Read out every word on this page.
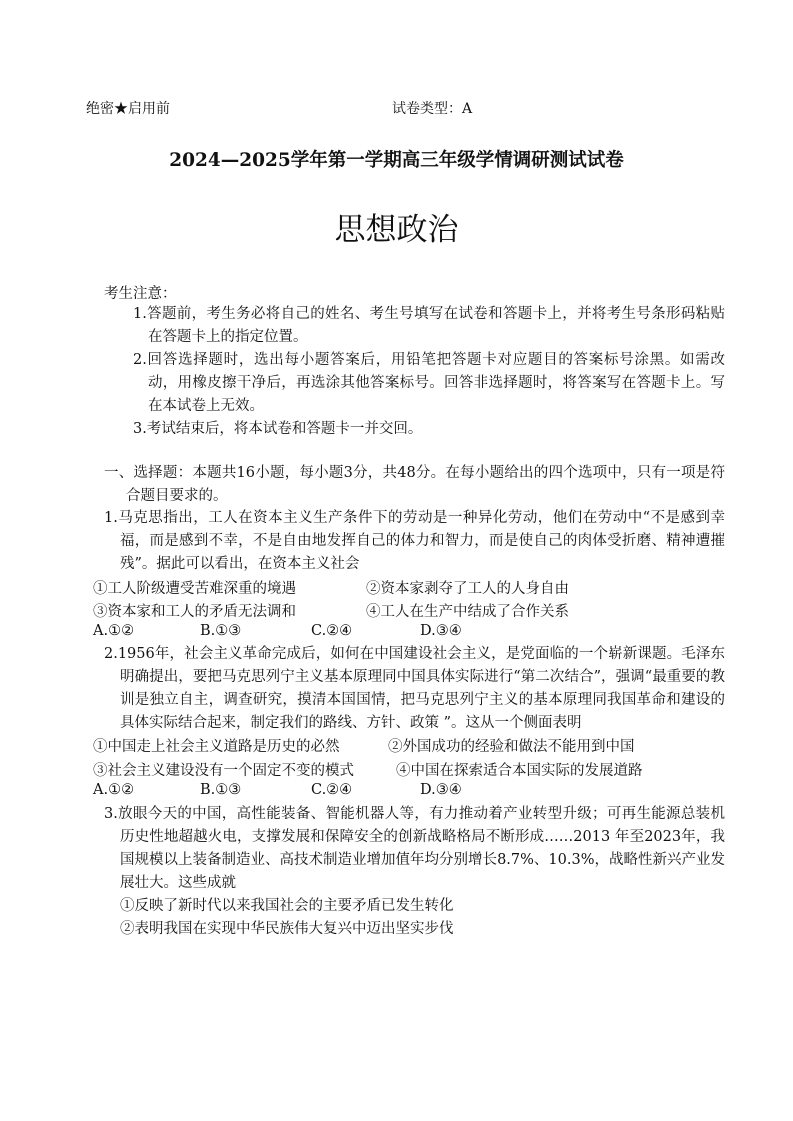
绝密★启用前	试卷类型：A
2024—2025学年第一学期高三年级学情调研测试试卷
思想政治
考生注意：
1.答题前，考生务必将自己的姓名、考生号填写在试卷和答题卡上，并将考生号条形码粘贴在答题卡上的指定位置。
2.回答选择题时，选出每小题答案后，用铅笔把答题卡对应题目的答案标号涂黑。如需改动，用橡皮擦干净后，再选涂其他答案标号。回答非选择题时，将答案写在答题卡上。写在本试卷上无效。
3.考试结束后，将本试卷和答题卡一并交回。
一、选择题：本题共16小题，每小题3分，共48分。在每小题给出的四个选项中，只有一项是符合题目要求的。
1.马克思指出，工人在资本主义生产条件下的劳动是一种异化劳动，他们在劳动中“不是感到幸福，而是感到不幸，不是自由地发挥自己的体力和智力，而是使自己的肉体受折磨、精神遭摧残”。据此可以看出，在资本主义社会
①工人阶级遭受苦难深重的境遇	②资本家剥夺了工人的人身自由
③资本家和工人的矛盾无法调和	④工人在生产中结成了合作关系
A.①②	B.①③	C.②④	D.③④
2.1956年，社会主义革命完成后，如何在中国建设社会主义，是党面临的一个崭新课题。毛泽东明确提出，要把马克思列宁主义基本原理同中国具体实际进行“第二次结合”，强调“最重要的教训是独立自主，调查研究，摸清本国国情，把马克思列宁主义的基本原理同我国革命和建设的具体实际结合起来，制定我们的路线、方针、政策 ”。这从一个侧面表明
①中国走上社会主义道路是历史的必然	②外国成功的经验和做法不能用到中国
③社会主义建设没有一个固定不变的模式	④中国在探索适合本国实际的发展道路
A.①②	B.①③	C.②④	D.③④
3.放眼今天的中国，高性能装备、智能机器人等，有力推动着产业转型升级；可再生能源总装机历史性地超越火电，支撑发展和保障安全的创新战略格局不断形成……2013 年至2023年，我国规模以上装备制造业、高技术制造业增加值年均分别增长8.7%、10.3%，战略性新兴产业发展壮大。这些成就
①反映了新时代以来我国社会的主要矛盾已发生转化
②表明我国在实现中华民族伟大复兴中迈出坚实步伐
